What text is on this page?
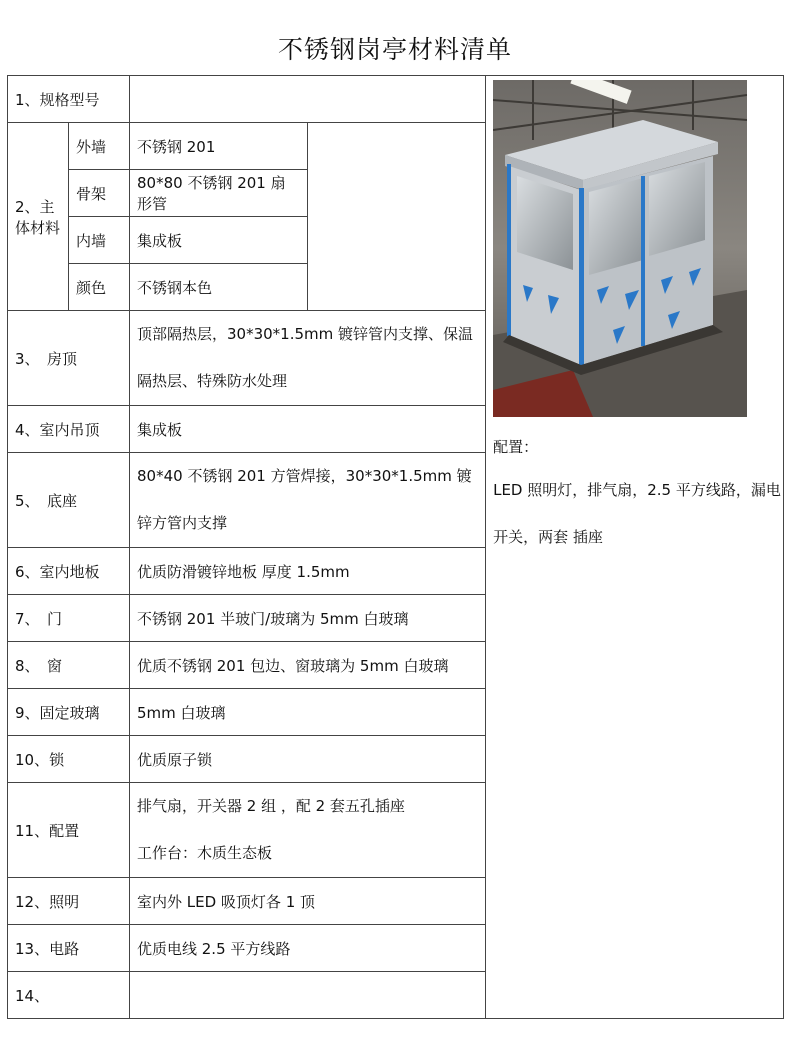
不锈钢岗亭材料清单
1、规格型号			配置：
LED 照明灯，排气扇，2.5 平方线路，漏电开关，两套 插座

2、主体材料	外墙	不锈钢 201	
	骨架	80*80 不锈钢 201 扇形管	
	内墙	集成板	
	颜色	不锈钢本色	
3、　房顶		顶部隔热层，30*30*1.5mm 镀锌管内支撑、保温隔热层、特殊防水处理	
4、室内吊顶		集成板	
5、　底座		80*40 不锈钢 201 方管焊接，30*30*1.5mm 镀锌方管内支撑	
6、室内地板		优质防滑镀锌地板 厚度 1.5mm	
7、　门		不锈钢 201 半玻门/玻璃为 5mm 白玻璃	
8、　窗		优质不锈钢 201 包边、窗玻璃为 5mm 白玻璃	
9、固定玻璃		5mm 白玻璃	
10、锁		优质原子锁	
11、配置		排气扇，开关器 2 组 ，配 2 套五孔插座
工作台：木质生态板	

12、照明		室内外 LED 吸顶灯各 1 顶	
13、电路		优质电线 2.5 平方线路	
14、			
